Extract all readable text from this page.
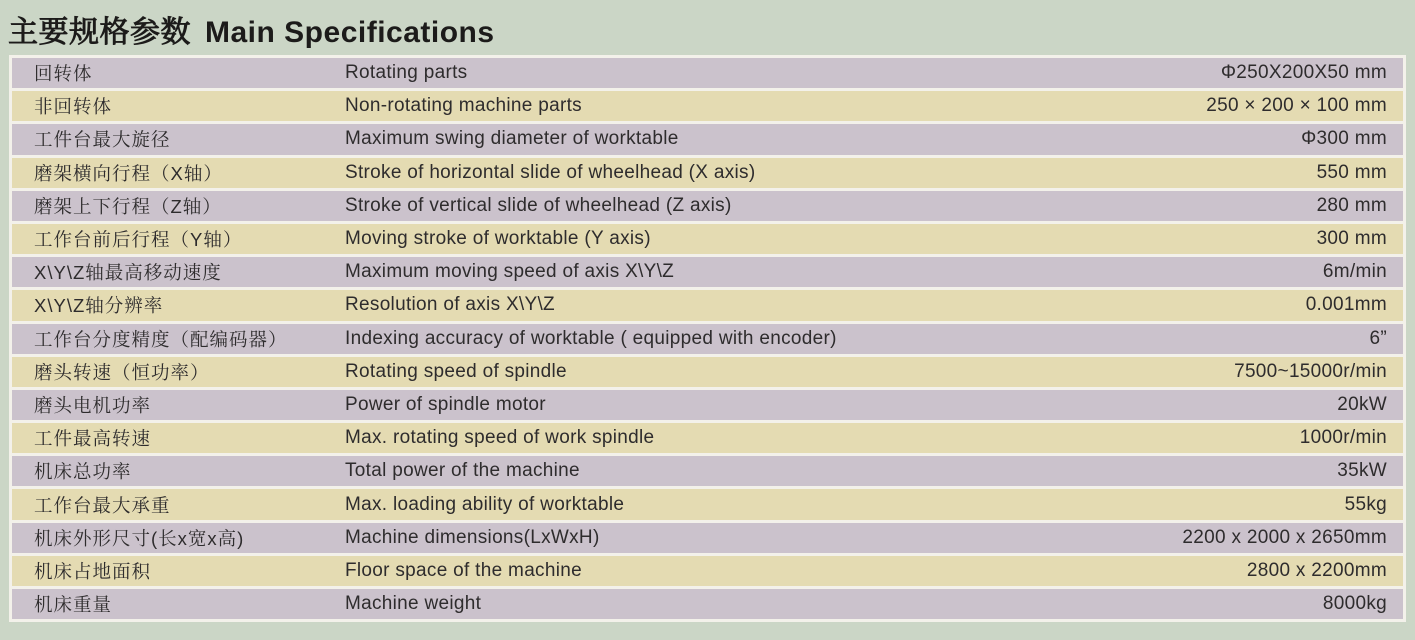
主要规格参数 Main Specifications
回转体	Rotating parts	Φ250X200X50 mm
非回转体	Non-rotating machine parts	250 × 200 × 100 mm
工件台最大旋径	Maximum swing diameter of worktable	Φ300 mm
磨架横向行程（X轴）	Stroke of horizontal slide of wheelhead (X axis)	550 mm
磨架上下行程（Z轴）	Stroke of vertical slide of wheelhead (Z axis)	280 mm
工作台前后行程（Y轴）	Moving stroke of worktable (Y axis)	300 mm
X\Y\Z轴最高移动速度	Maximum moving speed of axis X\Y\Z	6m/min
X\Y\Z轴分辨率	Resolution of axis X\Y\Z	0.001mm
工作台分度精度（配编码器）	Indexing accuracy of worktable ( equipped with encoder)	6”
磨头转速（恒功率）	Rotating speed of spindle	7500~15000r/min
磨头电机功率	Power of spindle motor	20kW
工件最高转速	Max. rotating speed of work spindle	1000r/min
机床总功率	Total power of the machine	35kW
工作台最大承重	Max. loading ability of worktable	55kg
机床外形尺寸(长x宽x高)	Machine dimensions(LxWxH)	2200 x 2000 x 2650mm
机床占地面积	Floor space of the machine	2800 x 2200mm
机床重量	Machine weight	8000kg
